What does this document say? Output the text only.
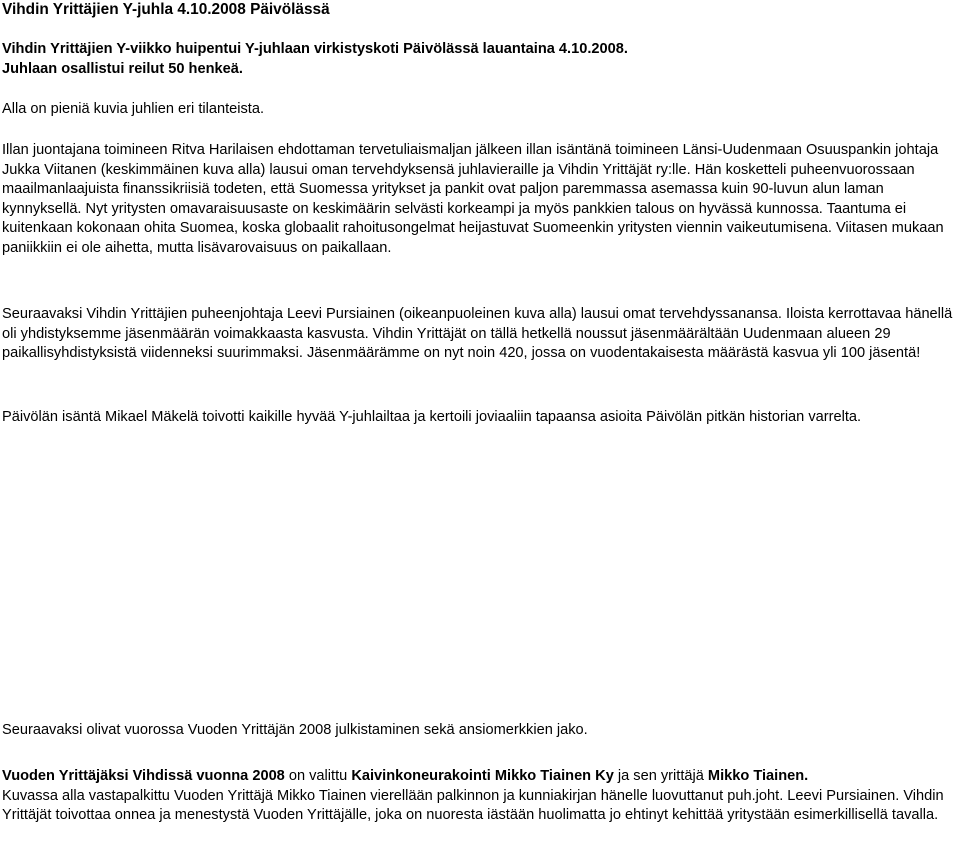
Vihdin Yrittäjien Y-juhla 4.10.2008 Päivölässä

Vihdin Yrittäjien Y-viikko huipentui Y-juhlaan virkistyskoti Päivölässä lauantaina 4.10.2008.
Juhlaan osallistui reilut 50 henkeä.

Alla on pieniä kuvia juhlien eri tilanteista.

Illan juontajana toimineen Ritva Harilaisen ehdottaman tervetuliaismaljan jälkeen illan isäntänä toimineen Länsi-Uudenmaan Osuuspankin johtaja Jukka Viitanen (keskimmäinen kuva alla) lausui oman tervehdyksensä juhlavieraille ja Vihdin Yrittäjät ry:lle. Hän kosketteli puheenvuorossaan maailmanlaajuista finanssikriisiä todeten, että Suomessa yritykset ja pankit ovat paljon paremmassa asemassa kuin 90-luvun alun laman kynnyksellä. Nyt yritysten omavaraisuusaste on keskimäärin selvästi korkeampi ja myös pankkien talous on hyvässä kunnossa. Taantuma ei kuitenkaan kokonaan ohita Suomea, koska globaalit rahoitusongelmat heijastuvat Suomeenkin yritysten viennin vaikeutumisena. Viitasen mukaan paniikkiin ei ole aihetta, mutta lisävarovaisuus on paikallaan.

Seuraavaksi Vihdin Yrittäjien puheenjohtaja Leevi Pursiainen (oikeanpuoleinen kuva alla) lausui omat tervehdyssanansa. Iloista kerrottavaa hänellä oli yhdistyksemme jäsenmäärän voimakkaasta kasvusta. Vihdin Yrittäjät on tällä hetkellä noussut jäsenmäärältään Uudenmaan alueen 29 paikallisyhdistyksistä viidenneksi suurimmaksi. Jäsenmäärämme on nyt noin 420, jossa on vuodentakaisesta määrästä kasvua yli 100 jäsentä!

Päivölän isäntä Mikael Mäkelä toivotti kaikille hyvää Y-juhlailtaa ja kertoili joviaaliin tapaansa asioita Päivölän pitkän historian varrelta.

Seuraavaksi olivat vuorossa Vuoden Yrittäjän 2008 julkistaminen sekä ansiomerkkien jako.

Vuoden Yrittäjäksi Vihdissä vuonna 2008 on valittu Kaivinkoneurakointi Mikko Tiainen Ky ja sen yrittäjä Mikko Tiainen.
Kuvassa alla vastapalkittu Vuoden Yrittäjä Mikko Tiainen vierellään palkinnon ja kunniakirjan hänelle luovuttanut puh.joht. Leevi Pursiainen. Vihdin Yrittäjät toivottaa onnea ja menestystä Vuoden Yrittäjälle, joka on nuoresta iästään huolimatta jo ehtinyt kehittää yritystään esimerkillisellä tavalla.
